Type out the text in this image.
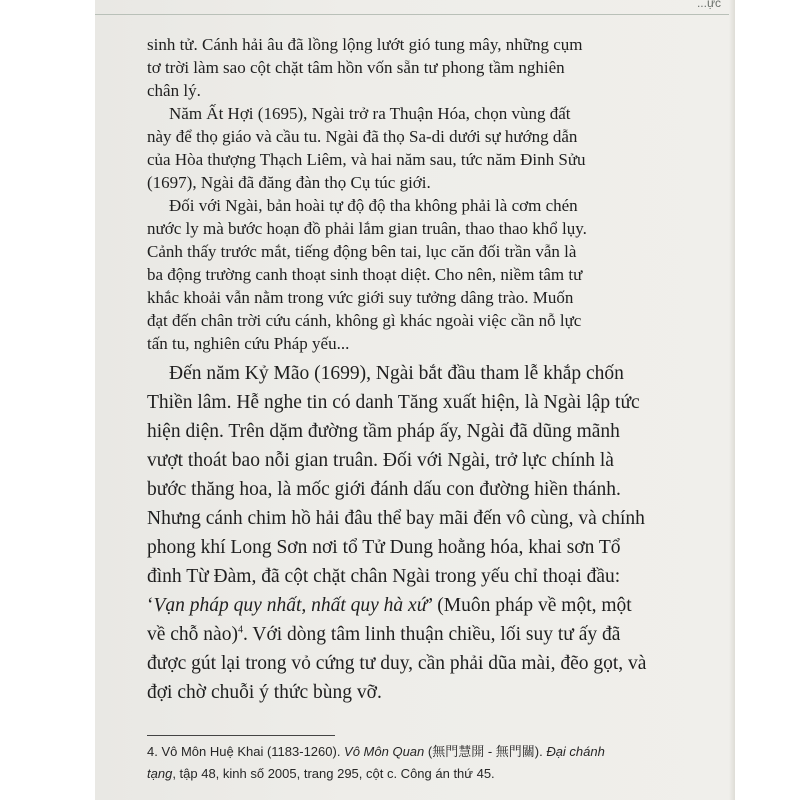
...ực
sinh tử. Cánh hải âu đã lồng lộng lướt gió tung mây, những cụm
tơ trời làm sao cột chặt tâm hồn vốn sẵn tư phong tầm nghiên
chân lý.
Năm Ất Hợi (1695), Ngài trở ra Thuận Hóa, chọn vùng đất
này để thọ giáo và cầu tu. Ngài đã thọ Sa-di dưới sự hướng dẫn
của Hòa thượng Thạch Liêm, và hai năm sau, tức năm Đinh Sửu
(1697), Ngài đã đăng đàn thọ Cụ túc giới.
Đối với Ngài, bản hoài tự độ độ tha không phải là cơm chén
nước ly mà bước hoạn đồ phải lắm gian truân, thao thao khổ lụy.
Cảnh thấy trước mắt, tiếng động bên tai, lục căn đối trần vẫn là
ba động trường canh thoạt sinh thoạt diệt. Cho nên, niềm tâm tư
khắc khoải vẫn nằm trong vức giới suy tưởng dâng trào. Muốn
đạt đến chân trời cứu cánh, không gì khác ngoài việc cần nỗ lực
tấn tu, nghiên cứu Pháp yếu...
Đến năm Kỷ Mão (1699), Ngài bắt đầu tham lễ khắp chốn
Thiền lâm. Hễ nghe tin có danh Tăng xuất hiện, là Ngài lập tức
hiện diện. Trên dặm đường tầm pháp ấy, Ngài đã dũng mãnh
vượt thoát bao nỗi gian truân. Đối với Ngài, trở lực chính là
bước thăng hoa, là mốc giới đánh dấu con đường hiền thánh.
Nhưng cánh chim hồ hải đâu thể bay mãi đến vô cùng, và chính
phong khí Long Sơn nơi tổ Tử Dung hoằng hóa, khai sơn Tổ
đình Từ Đàm, đã cột chặt chân Ngài trong yếu chỉ thoại đầu:
‘Vạn pháp quy nhất, nhất quy hà xứ’ (Muôn pháp về một, một
về chỗ nào)$^4$. Với dòng tâm linh thuận chiều, lối suy tư ấy đã
được gút lại trong vỏ cứng tư duy, cần phải dũa mài, đẽo gọt, và
đợi chờ chuỗi ý thức bùng vỡ.
4. Vô Môn Huệ Khai (1183-1260). Vô Môn Quan (無門慧開 - 無門關). Đại chánh
tạng, tập 48, kinh số 2005, trang 295, cột c. Công án thứ 45.
